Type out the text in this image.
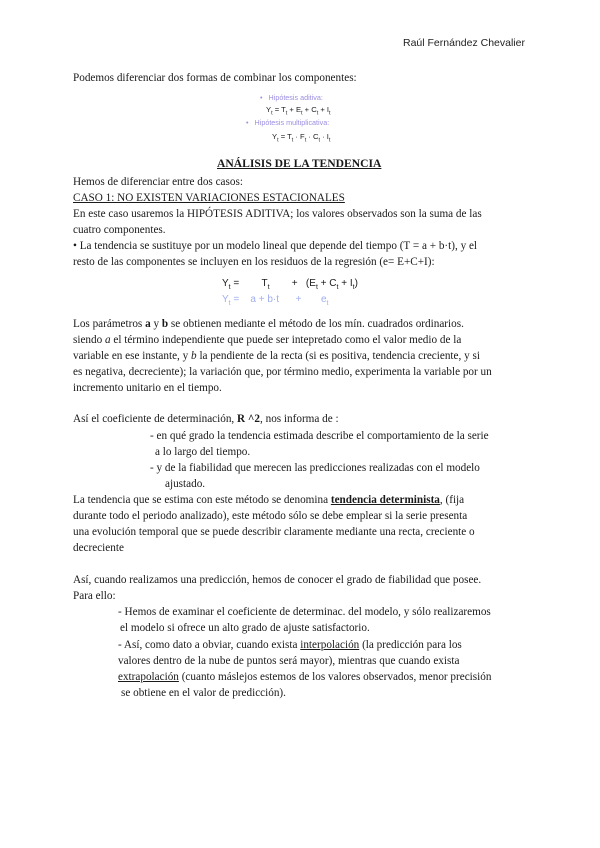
Raúl Fernández Chevalier
Podemos diferenciar dos formas de combinar los componentes:
• Hipótesis aditiva:
$Y_t = T_t + E_t + C_t + I_t$
• Hipótesis multiplicativa:
$Y_t = T_t \cdot F_t \cdot C_t \cdot I_t$
ANÁLISIS DE LA TENDENCIA
Hemos de diferenciar entre dos casos:
CASO 1: NO EXISTEN VARIACIONES ESTACIONALES
En este caso usaremos la HIPÓTESIS ADITIVA; los valores observados son la suma de las
cuatro componentes.
• La tendencia se sustituye por un modelo lineal que depende del tiempo (T = a + b·t), y el
resto de las componentes se incluyen en los residuos de la regresión (e= E+C+I):
$Y_t$ =        $T_t$        +   $(E_t + C_t + I_t)$
$Y_t$ =    a + b·t      +       $e_t$
Los parámetros a y b se obtienen mediante el método de los mín. cuadrados ordinarios.
siendo a el término independiente que puede ser intepretado como el valor medio de la
variable en ese instante, y b la pendiente de la recta (si es positiva, tendencia creciente, y si
es negativa, decreciente); la variación que, por término medio, experimenta la variable por un
incremento unitario en el tiempo.
Así el coeficiente de determinación, R ^2, nos informa de :
- en qué grado la tendencia estimada describe el comportamiento de la serie
a lo largo del tiempo.
- y de la fiabilidad que merecen las predicciones realizadas con el modelo
ajustado.
La tendencia que se estima con este método se denomina tendencia determinista, (fija
durante todo el periodo analizado), este método sólo se debe emplear si la serie presenta
una evolución temporal que se puede describir claramente mediante una recta, creciente o
decreciente
Así, cuando realizamos una predicción, hemos de conocer el grado de fiabilidad que posee.
Para ello:
- Hemos de examinar el coeficiente de determinac. del modelo, y sólo realizaremos
el modelo si ofrece un alto grado de ajuste satisfactorio.
- Así, como dato a obviar, cuando exista interpolación (la predicción para los
valores dentro de la nube de puntos será mayor), mientras que cuando exista
extrapolación (cuanto máslejos estemos de los valores observados, menor precisión
se obtiene en el valor de predicción).
